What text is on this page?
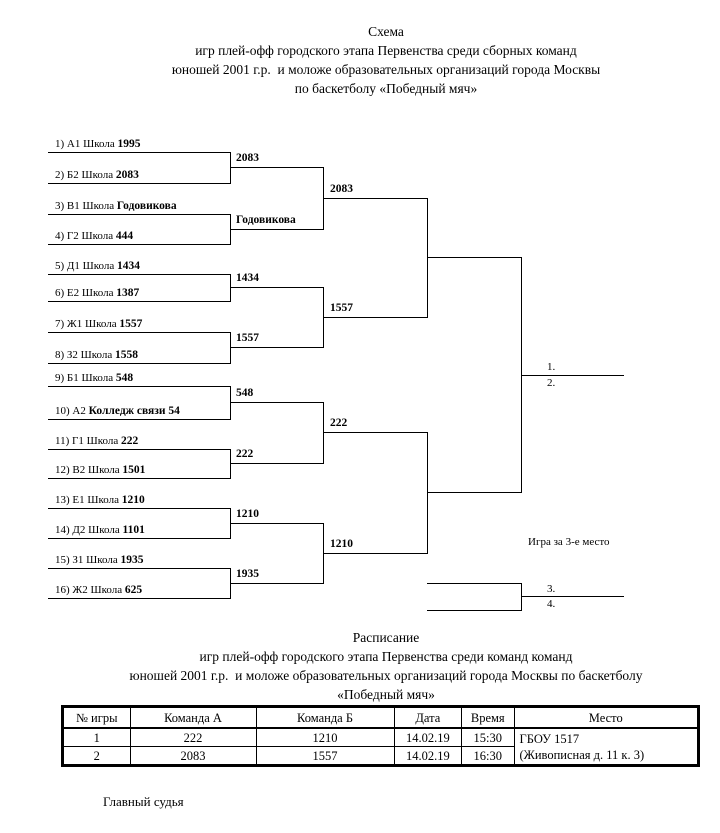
Схема
игр плей-офф городского этапа Первенства среди сборных команд
юношей 2001 г.р.  и моложе образовательных организаций города Москвы
по баскетболу «Победный мяч»
1) А1 Школа 1995
2) Б2 Школа 2083
3) В1 Школа Годовикова
4) Г2 Школа 444
5) Д1 Школа 1434
6) Е2 Школа 1387
7) Ж1 Школа 1557
8) З2 Школа 1558
9) Б1 Школа 548
10) А2 Колледж связи 54
11) Г1 Школа 222
12) В2 Школа 1501
13) Е1 Школа 1210
14) Д2 Школа 1101
15) З1 Школа 1935
16) Ж2 Школа 625
2083
Годовикова
1434
1557
548
222
1210
1935
2083
1557
222
1210
1.
2.
Игра за 3-е место
3.
4.
Расписание
игр плей-офф городского этапа Первенства среди команд команд
юношей 2001 г.р.  и моложе образовательных организаций города Москвы по баскетболу
«Победный мяч»
№ игры	Команда А	Команда Б	Дата	Время	Место
1	222	1210	14.02.19	15:30	ГБОУ 1517
(Живописная д. 11 к. 3)

2	2083	1557	14.02.19	16:30	
Главный судья
